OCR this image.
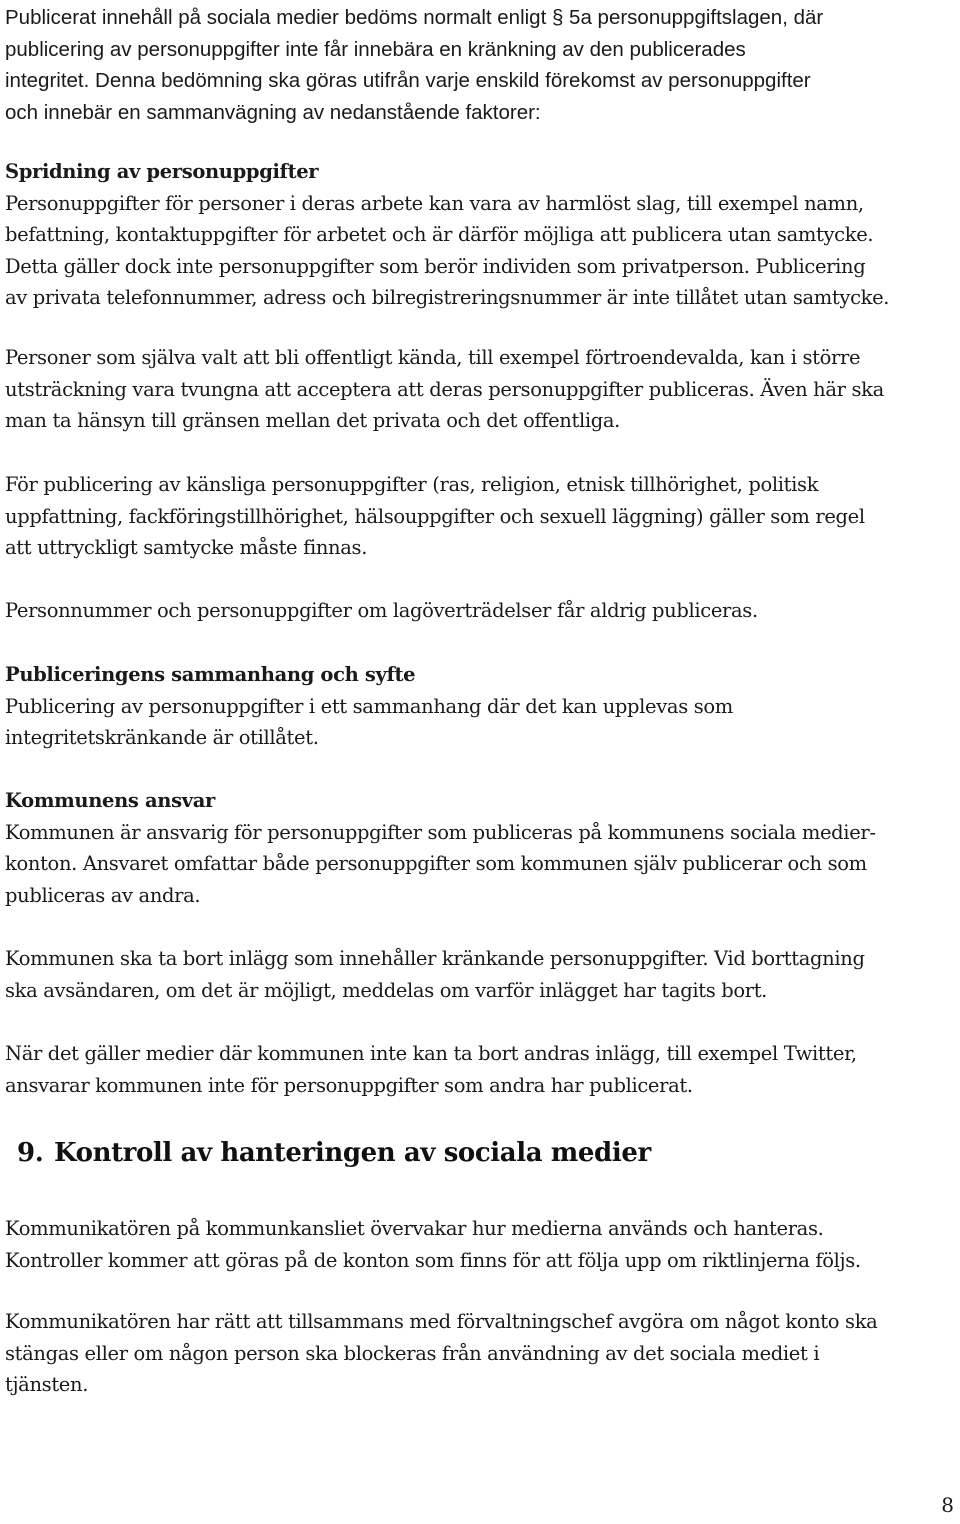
Publicerat innehåll på sociala medier bedöms normalt enligt § 5a personuppgiftslagen, där
publicering av personuppgifter inte får innebära en kränkning av den publicerades
integritet. Denna bedömning ska göras utifrån varje enskild förekomst av personuppgifter
och innebär en sammanvägning av nedanstående faktorer:
Spridning av personuppgifter
Personuppgifter för personer i deras arbete kan vara av harmlöst slag, till exempel namn,
befattning, kontaktuppgifter för arbetet och är därför möjliga att publicera utan samtycke.
Detta gäller dock inte personuppgifter som berör individen som privatperson. Publicering
av privata telefonnummer, adress och bilregistreringsnummer är inte tillåtet utan samtycke.
Personer som själva valt att bli offentligt kända, till exempel förtroendevalda, kan i större
utsträckning vara tvungna att acceptera att deras personuppgifter publiceras. Även här ska
man ta hänsyn till gränsen mellan det privata och det offentliga.
För publicering av känsliga personuppgifter (ras, religion, etnisk tillhörighet, politisk
uppfattning, fackföringstillhörighet, hälsouppgifter och sexuell läggning) gäller som regel
att uttryckligt samtycke måste finnas.
Personnummer och personuppgifter om lagöverträdelser får aldrig publiceras.
Publiceringens sammanhang och syfte
Publicering av personuppgifter i ett sammanhang där det kan upplevas som
integritetskränkande är otillåtet.
Kommunens ansvar
Kommunen är ansvarig för personuppgifter som publiceras på kommunens sociala medier-
konton. Ansvaret omfattar både personuppgifter som kommunen själv publicerar och som
publiceras av andra.
Kommunen ska ta bort inlägg som innehåller kränkande personuppgifter. Vid borttagning
ska avsändaren, om det är möjligt, meddelas om varför inlägget har tagits bort.
När det gäller medier där kommunen inte kan ta bort andras inlägg, till exempel Twitter,
ansvarar kommunen inte för personuppgifter som andra har publicerat.
9. Kontroll av hanteringen av sociala medier
Kommunikatören på kommunkansliet övervakar hur medierna används och hanteras.
Kontroller kommer att göras på de konton som finns för att följa upp om riktlinjerna följs.
Kommunikatören har rätt att tillsammans med förvaltningschef avgöra om något konto ska
stängas eller om någon person ska blockeras från användning av det sociala mediet i
tjänsten.
8
